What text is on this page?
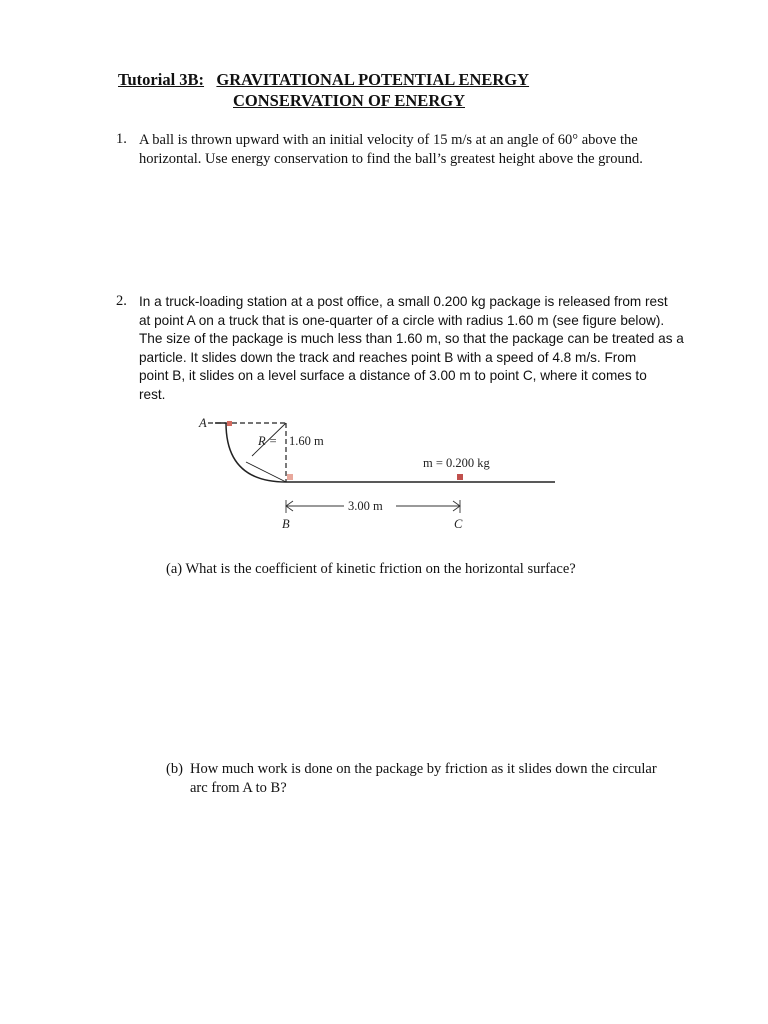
Tutorial 3B: GRAVITATIONAL POTENTIAL ENERGY
CONSERVATION OF ENERGY
1. A ball is thrown upward with an initial velocity of 15 m/s at an angle of 60° above the
horizontal. Use energy conservation to find the ball’s greatest height above the ground.
2. In a truck-loading station at a post office, a small 0.200 kg package is released from rest
at point A on a truck that is one-quarter of a circle with radius 1.60 m (see figure below).
The size of the package is much less than 1.60 m, so that the package can be treated as a
particle. It slides down the track and reaches point B with a speed of 4.8 m/s. From
point B, it slides on a level surface a distance of 3.00 m to point C, where it comes to
rest.
A
R = 1.60 m
m = 0.200 kg
3.00 m
B	C
(a) What is the coefficient of kinetic friction on the horizontal surface?
(b) How much work is done on the package by friction as it slides down the circular
arc from A to B?
